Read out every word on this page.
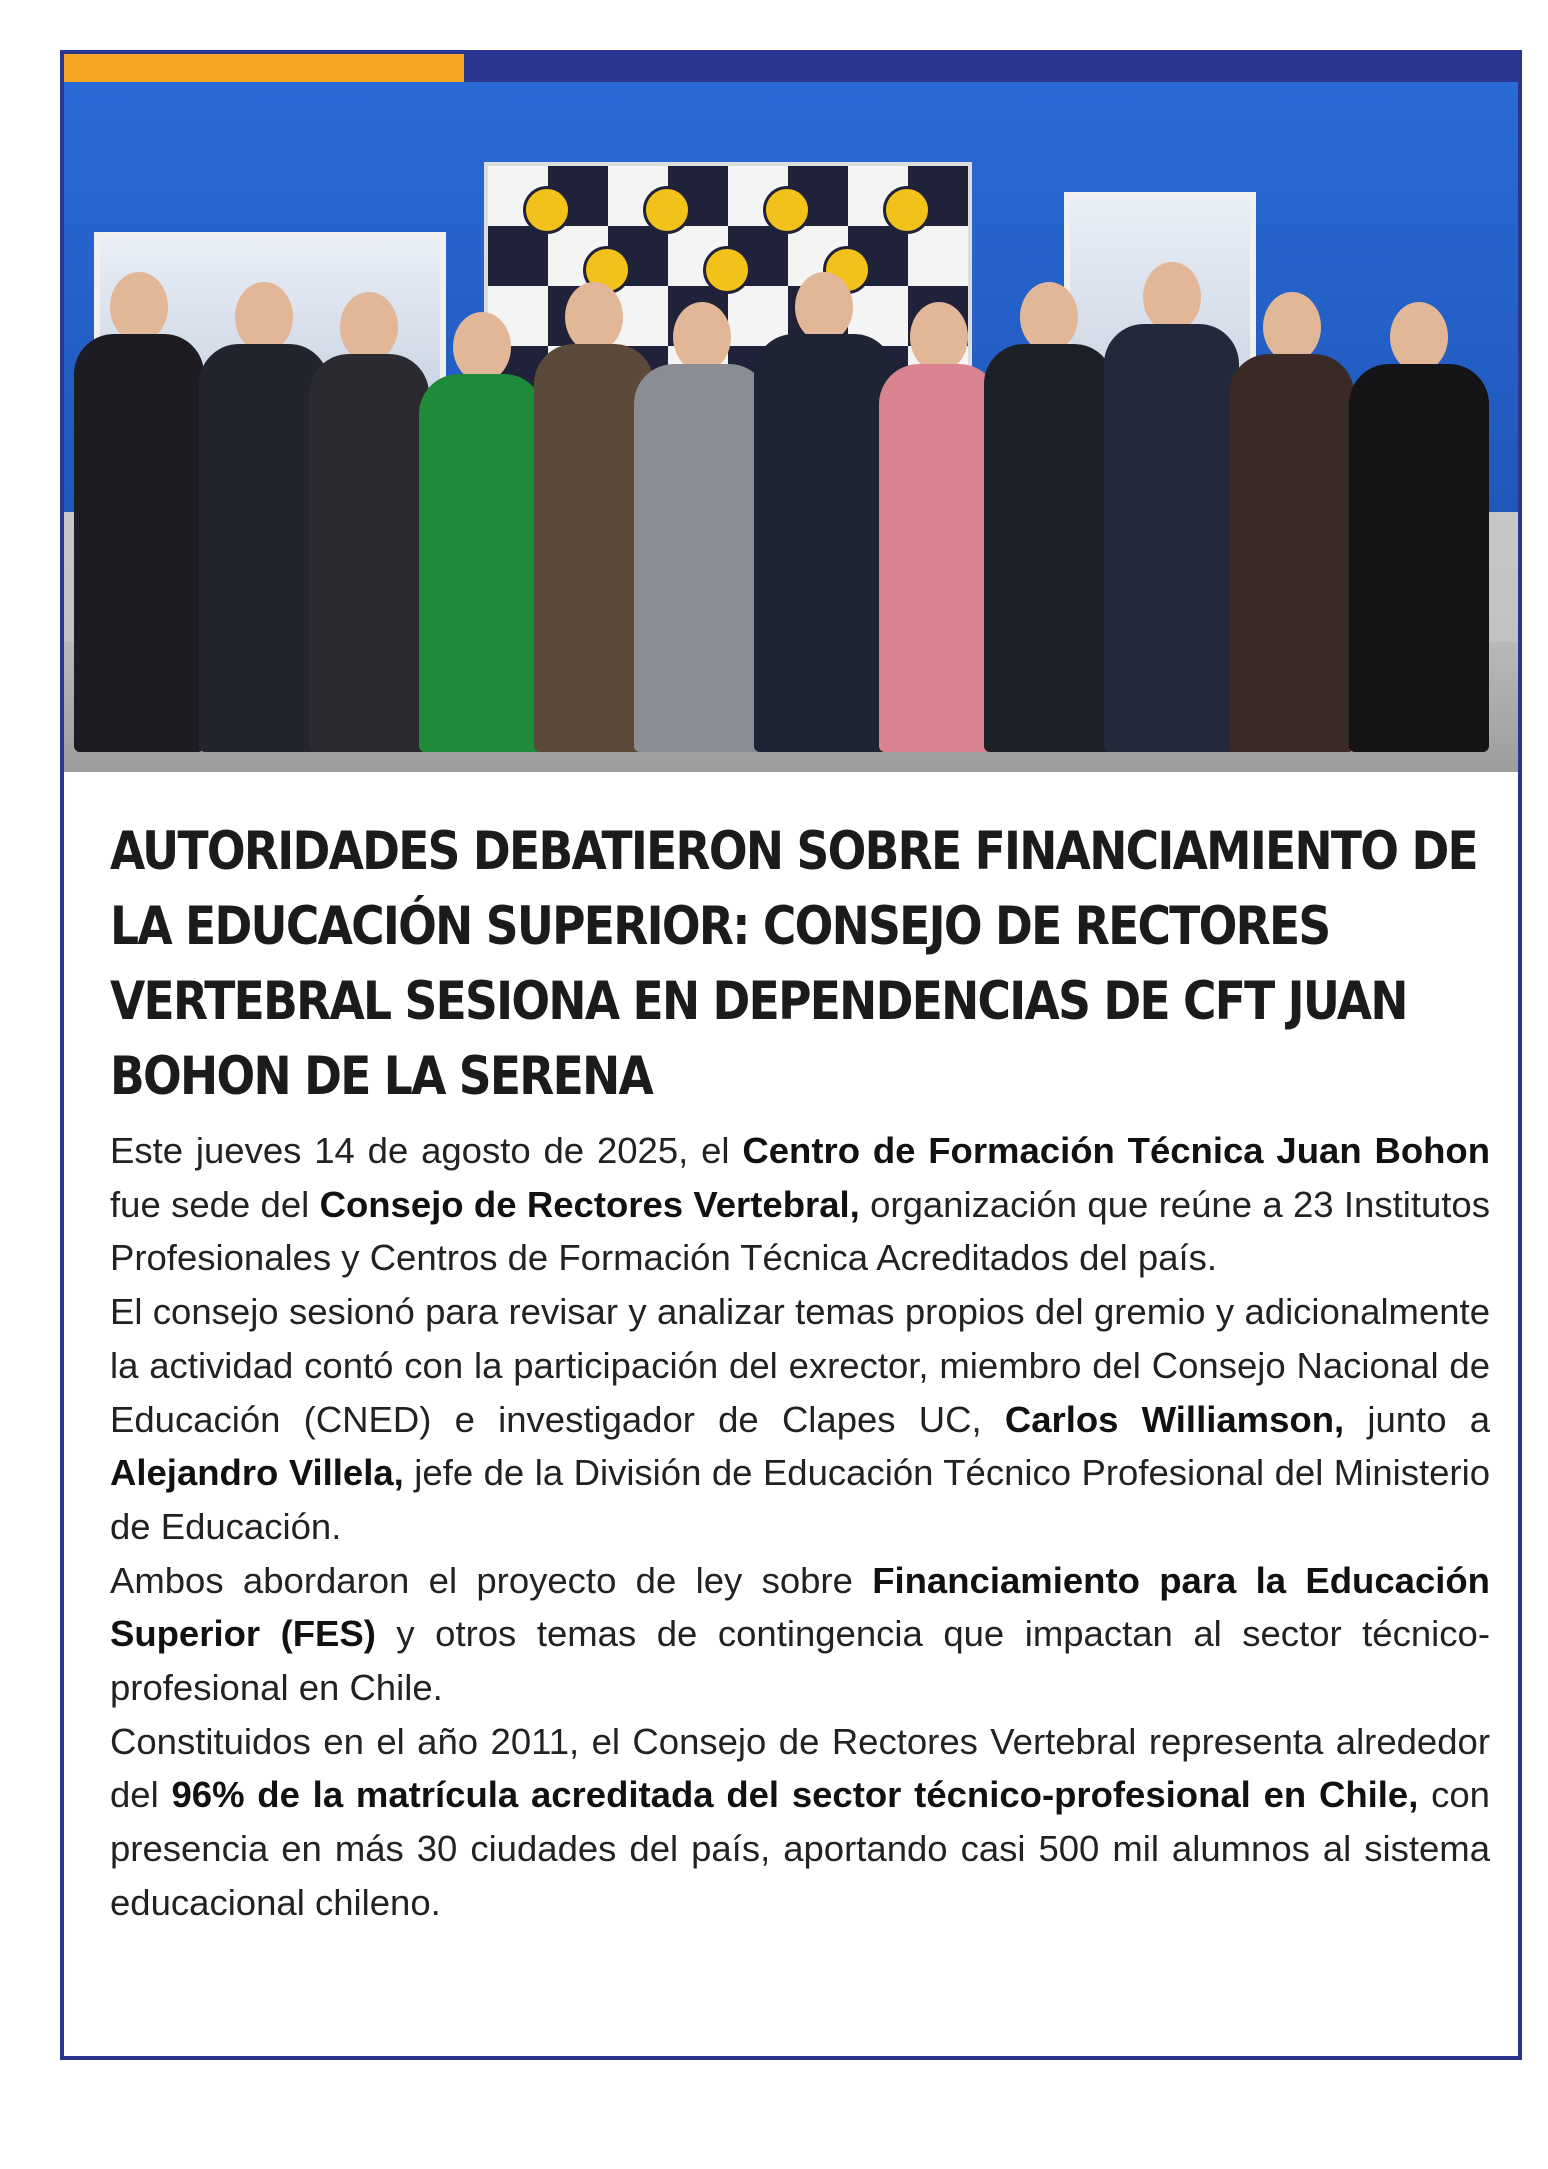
AUTORIDADES DEBATIERON SOBRE FINANCIAMIENTO DE LA EDUCACIÓN SUPERIOR: CONSEJO DE RECTORES VERTEBRAL SESIONA EN DEPENDENCIAS DE CFT JUAN BOHON DE LA SERENA

Este jueves 14 de agosto de 2025, el Centro de Formación Técnica Juan Bohon fue sede del Consejo de Rectores Vertebral, organización que reúne a 23 Institutos Profesionales y Centros de Formación Técnica Acreditados del país.

El consejo sesionó para revisar y analizar temas propios del gremio y adicionalmente la actividad contó con la participación del exrector, miembro del Consejo Nacional de Educación (CNED) e investigador de Clapes UC, Carlos Williamson, junto a Alejandro Villela, jefe de la División de Educación Técnico Profesional del Ministerio de Educación.

Ambos abordaron el proyecto de ley sobre Financiamiento para la Educación Superior (FES) y otros temas de contingencia que impactan al sector técnico-profesional en Chile.

Constituidos en el año 2011, el Consejo de Rectores Vertebral representa alrededor del 96% de la matrícula acreditada del sector técnico-profesional en Chile, con presencia en más 30 ciudades del país, aportando casi 500 mil alumnos al sistema educacional chileno.
